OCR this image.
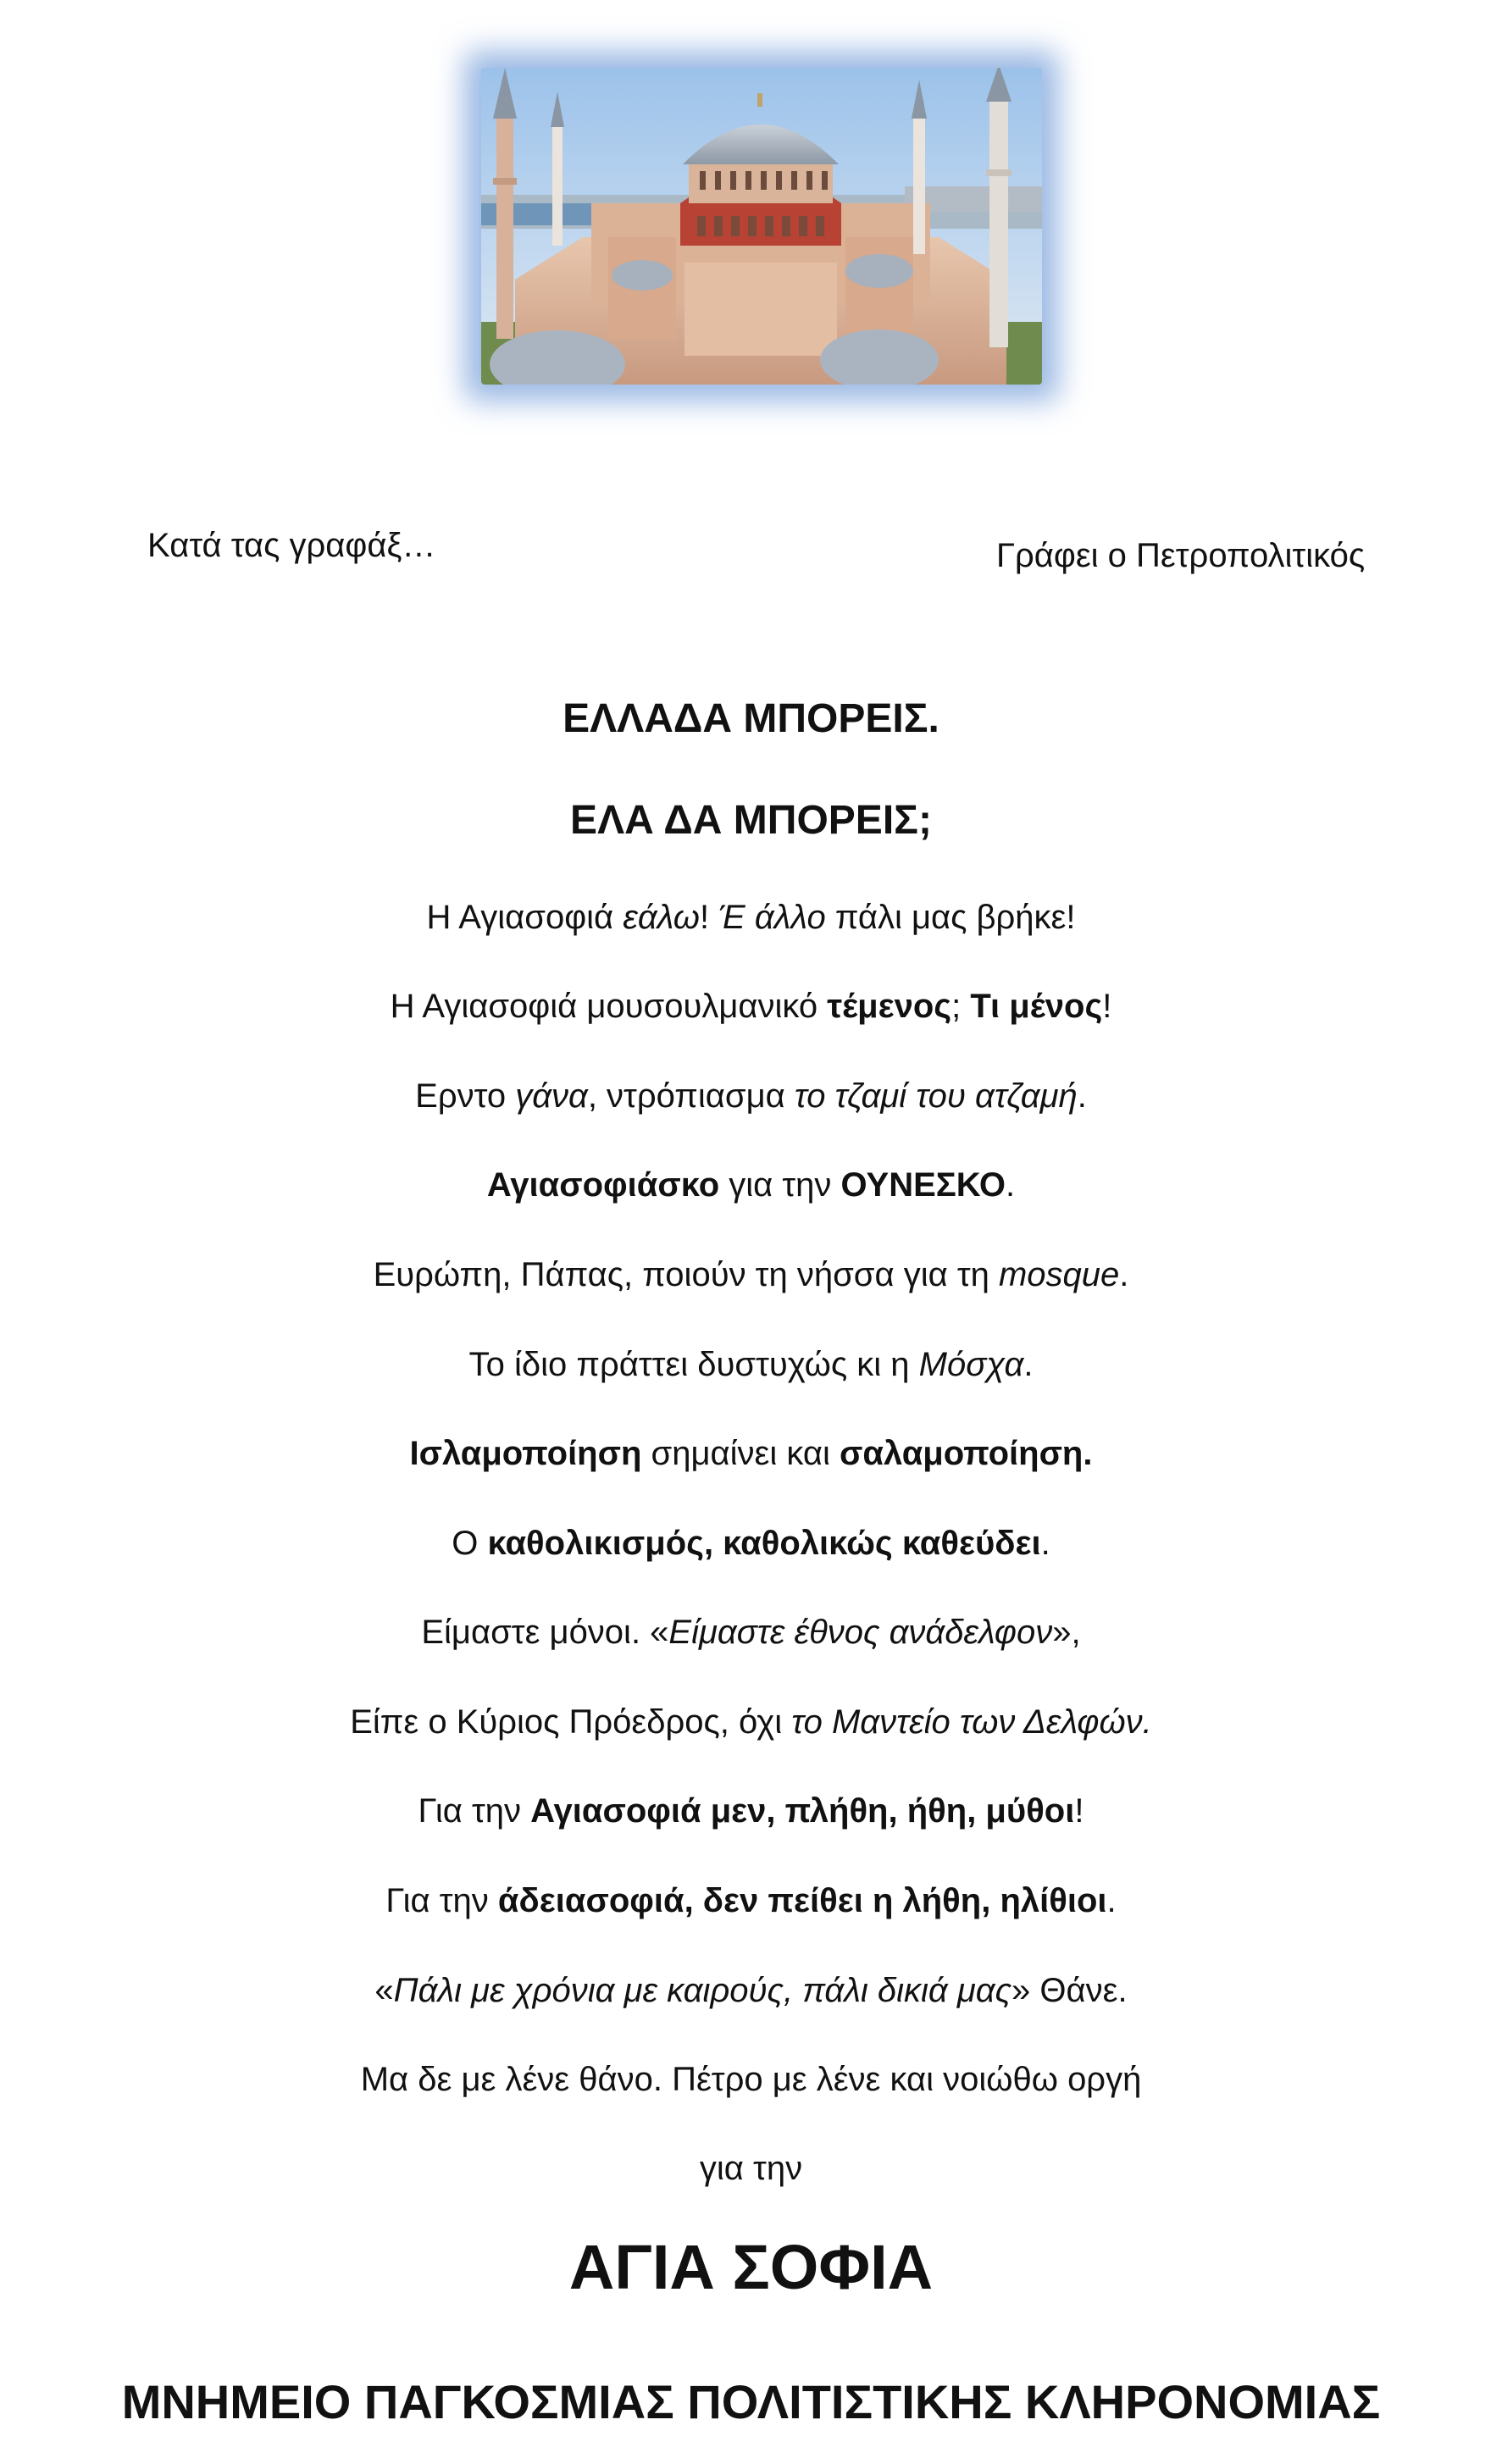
Κατά τας γραφάξ…	Γράφει ο Πετροπολιτικός
ΕΛΛΑΔΑ ΜΠΟΡΕΙΣ.
ΕΛΑ ΔΑ ΜΠΟΡΕΙΣ;
Η Αγιασοφιά εάλω! Έ άλλο πάλι μας βρήκε!
Η Αγιασοφιά μουσουλμανικό τέμενος; Τι μένος!
Ερντο γάνα, ντρόπιασμα το τζαμί του ατζαμή.
Αγιασοφιάσκο για την ΟΥΝΕΣΚΟ.
Ευρώπη, Πάπας, ποιούν τη νήσσα για τη mosque.
Το ίδιο πράττει δυστυχώς κι η Μόσχα.
Ισλαμοποίηση σημαίνει και σαλαμοποίηση.
Ο καθολικισμός, καθολικώς καθεύδει.
Είμαστε μόνοι. «Είμαστε έθνος ανάδελφον»,
Είπε ο Κύριος Πρόεδρος, όχι το Μαντείο των Δελφών.
Για την Αγιασοφιά μεν, πλήθη, ήθη, μύθοι!
Για την άδειασοφιά, δεν πείθει η λήθη, ηλίθιοι.
«Πάλι με χρόνια με καιρούς, πάλι δικιά μας» Θάνε.
Μα δε με λένε θάνο. Πέτρο με λένε και νοιώθω οργή
για την
ΑΓΙΑ ΣΟΦΙΑ
ΜΝΗΜΕΙΟ ΠΑΓΚΟΣΜΙΑΣ ΠΟΛΙΤΙΣΤΙΚΗΣ ΚΛΗΡΟΝΟΜΙΑΣ
